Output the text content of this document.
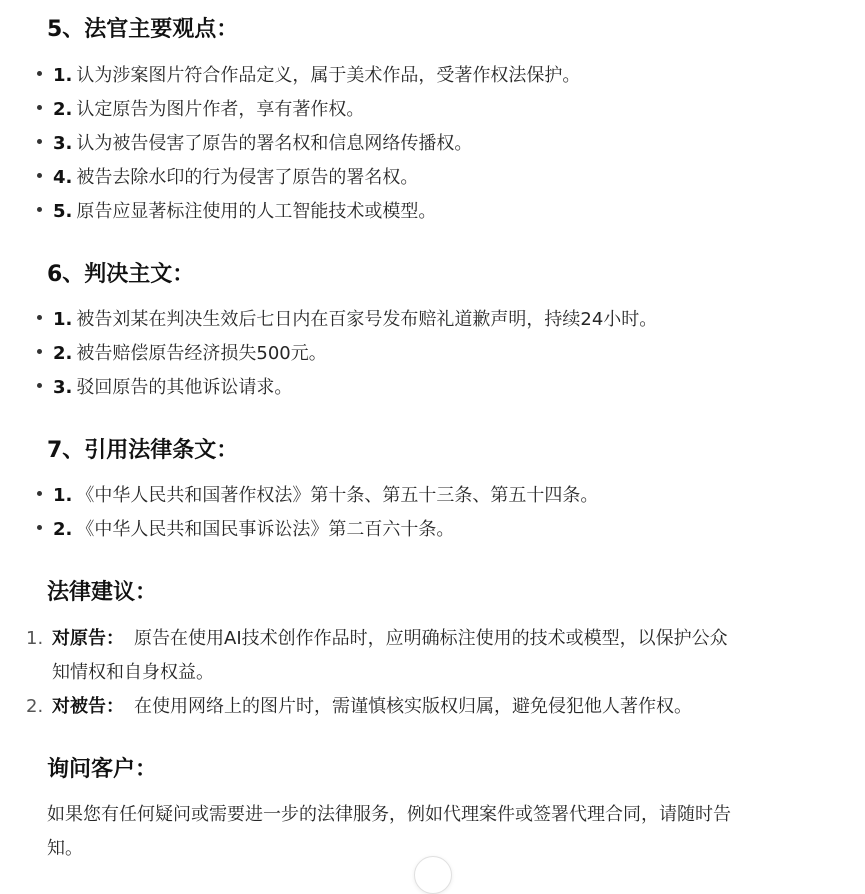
5、法官主要观点：
1. 认为涉案图片符合作品定义，属于美术作品，受著作权法保护。
2. 认定原告为图片作者，享有著作权。
3. 认为被告侵害了原告的署名权和信息网络传播权。
4. 被告去除水印的行为侵害了原告的署名权。
5. 原告应显著标注使用的人工智能技术或模型。
6、判决主文：
1. 被告刘某在判决生效后七日内在百家号发布赔礼道歉声明，持续24小时。
2. 被告赔偿原告经济损失500元。
3. 驳回原告的其他诉讼请求。
7、引用法律条文：
1. 《中华人民共和国著作权法》第十条、第五十三条、第五十四条。
2. 《中华人民共和国民事诉讼法》第二百六十条。
法律建议：
1. 对原告： 原告在使用AI技术创作作品时，应明确标注使用的技术或模型，以保护公众
知情权和自身权益。
2. 对被告： 在使用网络上的图片时，需谨慎核实版权归属，避免侵犯他人著作权。
询问客户：
如果您有任何疑问或需要进一步的法律服务，例如代理案件或签署代理合同，请随时告
知。
